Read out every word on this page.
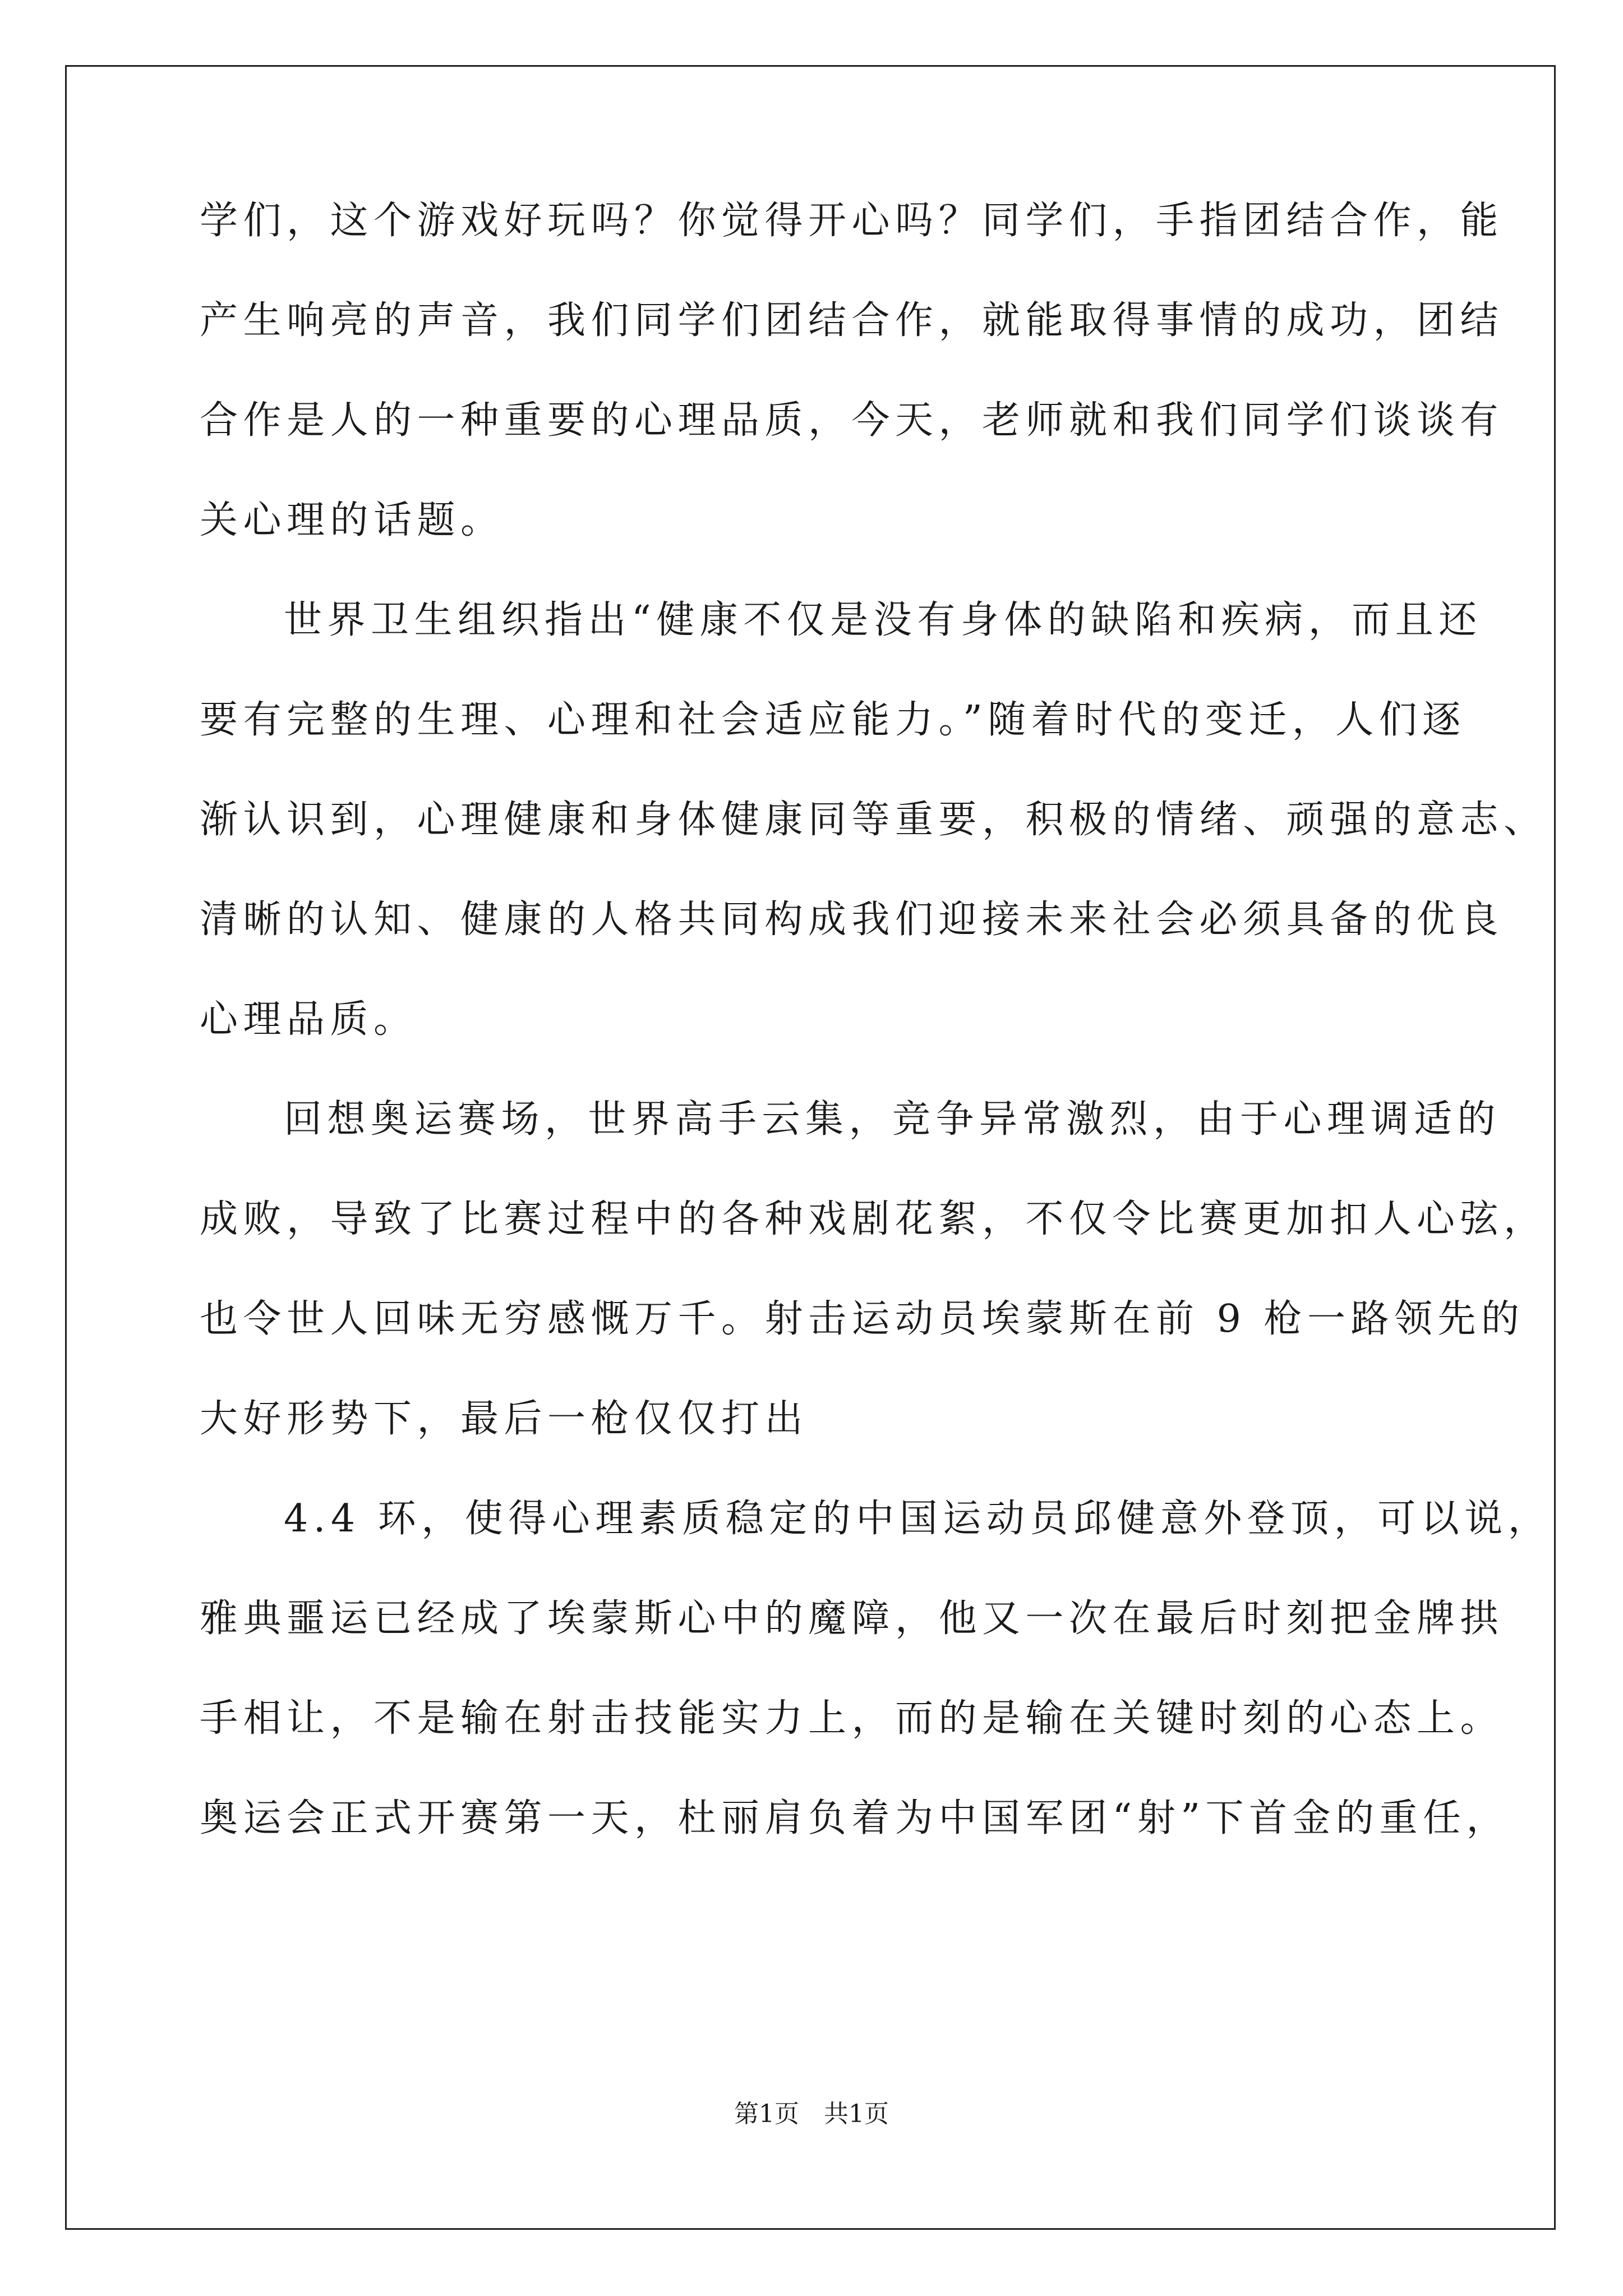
学们，这个游戏好玩吗？你觉得开心吗？同学们，手指团结合作，能
产生响亮的声音，我们同学们团结合作，就能取得事情的成功，团结
合作是人的一种重要的心理品质，今天，老师就和我们同学们谈谈有
关心理的话题。
世界卫生组织指出“健康不仅是没有身体的缺陷和疾病，而且还
要有完整的生理、心理和社会适应能力。”随着时代的变迁，人们逐
渐认识到，心理健康和身体健康同等重要，积极的情绪、顽强的意志、
清晰的认知、健康的人格共同构成我们迎接未来社会必须具备的优良
心理品质。
回想奥运赛场，世界高手云集，竞争异常激烈，由于心理调适的
成败，导致了比赛过程中的各种戏剧花絮，不仅令比赛更加扣人心弦，
也令世人回味无穷感慨万千。射击运动员埃蒙斯在前 9 枪一路领先的
大好形势下，最后一枪仅仅打出
4.4 环，使得心理素质稳定的中国运动员邱健意外登顶，可以说，
雅典噩运已经成了埃蒙斯心中的魔障，他又一次在最后时刻把金牌拱
手相让，不是输在射击技能实力上，而的是输在关键时刻的心态上。
奥运会正式开赛第一天，杜丽肩负着为中国军团“射”下首金的重任，
第1页 共1页
